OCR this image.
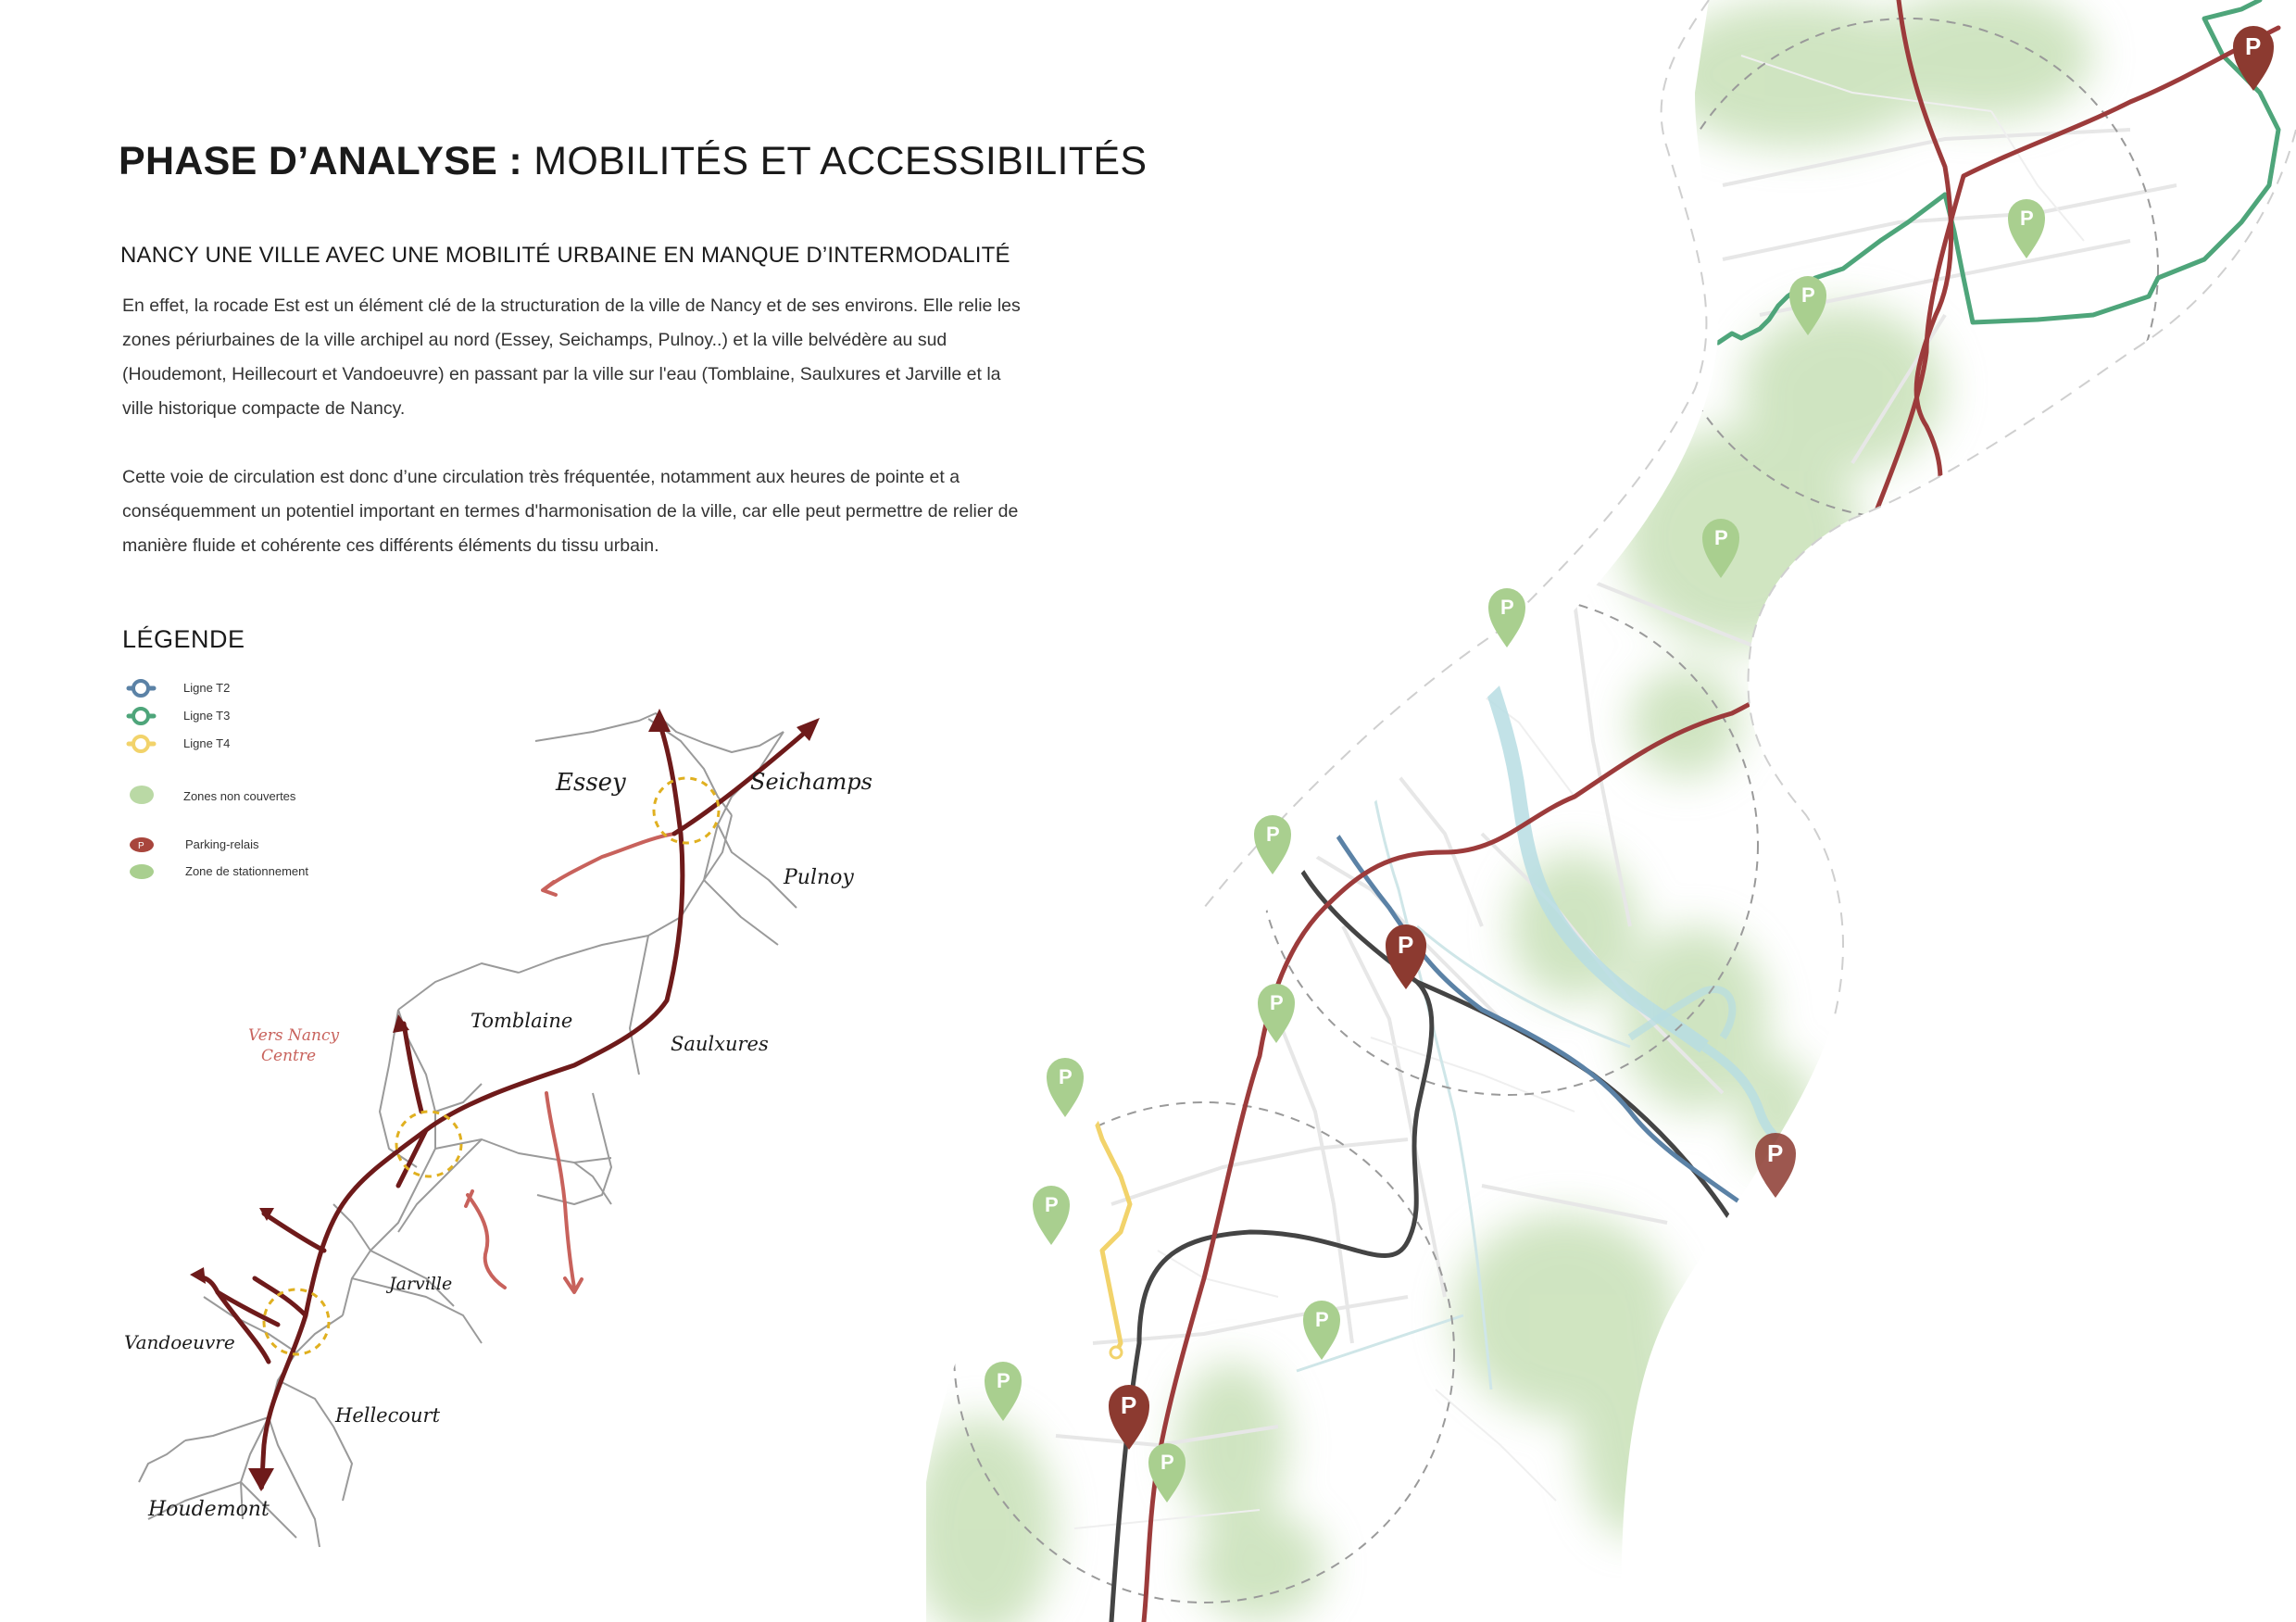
PHASE D’ANALYSE : MOBILITÉS ET ACCESSIBILITÉS
NANCY UNE VILLE AVEC UNE MOBILITÉ URBAINE EN MANQUE D’INTERMODALITÉ
En effet, la rocade Est est un élément clé de la structuration de la ville de Nancy et de ses environs. Elle relie les zones périurbaines de la ville archipel au nord (Essey, Seichamps, Pulnoy..) et la ville belvédère au sud (Houdemont, Heillecourt et Vandoeuvre) en passant par la ville sur l'eau (Tomblaine, Saulxures et Jarville et la ville historique compacte de Nancy.
Cette voie de circulation est donc d’une circulation très fréquentée, notamment aux heures de pointe et a conséquemment un potentiel important en termes d'harmonisation de la ville, car elle peut permettre de relier de manière fluide et cohérente ces différents éléments du tissu urbain.
LÉGENDE
P
Ligne T2
Ligne T3
Ligne T4
Zones non couvertes
Parking-relais
Zone de stationnement
Essey	Seichamps
Pulnoy
Tomblaine
Saulxures
Vers Nancy
Centre
Jarville
Vandoeuvre
Hellecourt
Houdemont
P
P
P
P
P
P
P
P
P
P
P
P
P
P
P
